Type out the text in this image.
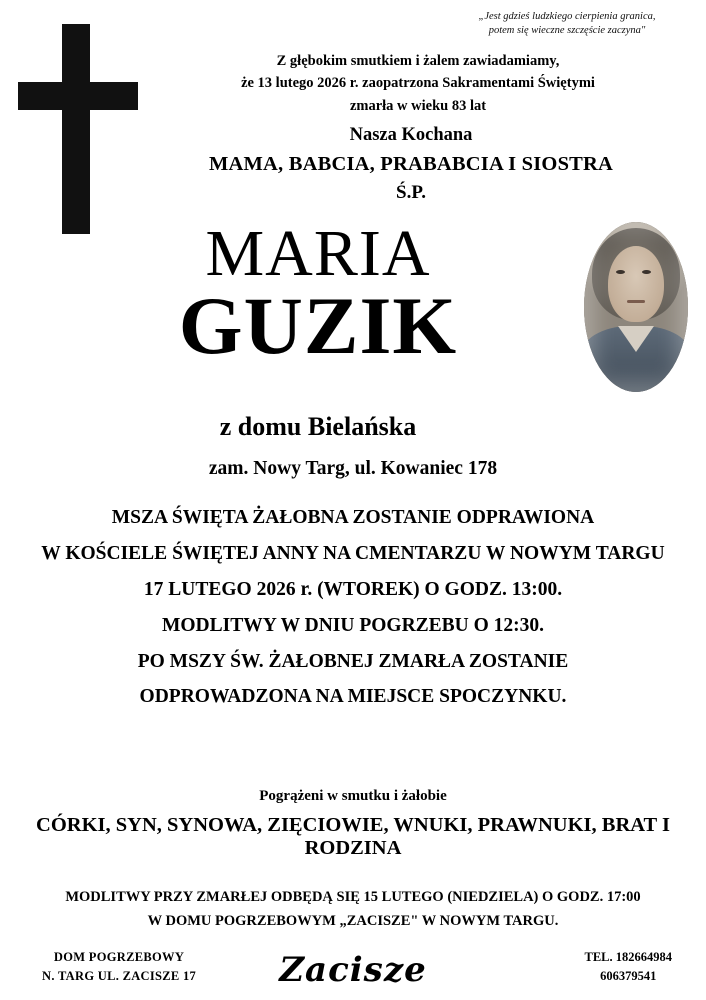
„Jest gdzieś ludzkiego cierpienia granica,
potem się wieczne szczęście zaczyna"
Z głębokim smutkiem i żalem zawiadamiamy,
że 13 lutego 2026 r. zaopatrzona Sakramentami Świętymi
zmarła w wieku 83 lat
Nasza Kochana
MAMA, BABCIA, PRABABCIA I SIOSTRA
Ś.P.
MARIA
GUZIK
z domu Bielańska
zam. Nowy Targ, ul. Kowaniec 178
MSZA ŚWIĘTA ŻAŁOBNA ZOSTANIE ODPRAWIONA
W KOŚCIELE ŚWIĘTEJ ANNY NA CMENTARZU W NOWYM TARGU
17 LUTEGO 2026 r. (WTOREK) O GODZ. 13:00.
MODLITWY W DNIU POGRZEBU O 12:30.
PO MSZY ŚW. ŻAŁOBNEJ ZMARŁA ZOSTANIE
ODPROWADZONA NA MIEJSCE SPOCZYNKU.
Pogrążeni w smutku i żałobie
CÓRKI, SYN, SYNOWA, ZIĘCIOWIE, WNUKI, PRAWNUKI, BRAT I RODZINA
MODLITWY PRZY ZMARŁEJ ODBĘDĄ SIĘ 15 LUTEGO (NIEDZIELA) O GODZ. 17:00
W DOMU POGRZEBOWYM „ZACISZE" W NOWYM TARGU.
DOM POGRZEBOWY
N. TARG UL. ZACISZE 17	Zacisze	TEL. 182664984
606379541
